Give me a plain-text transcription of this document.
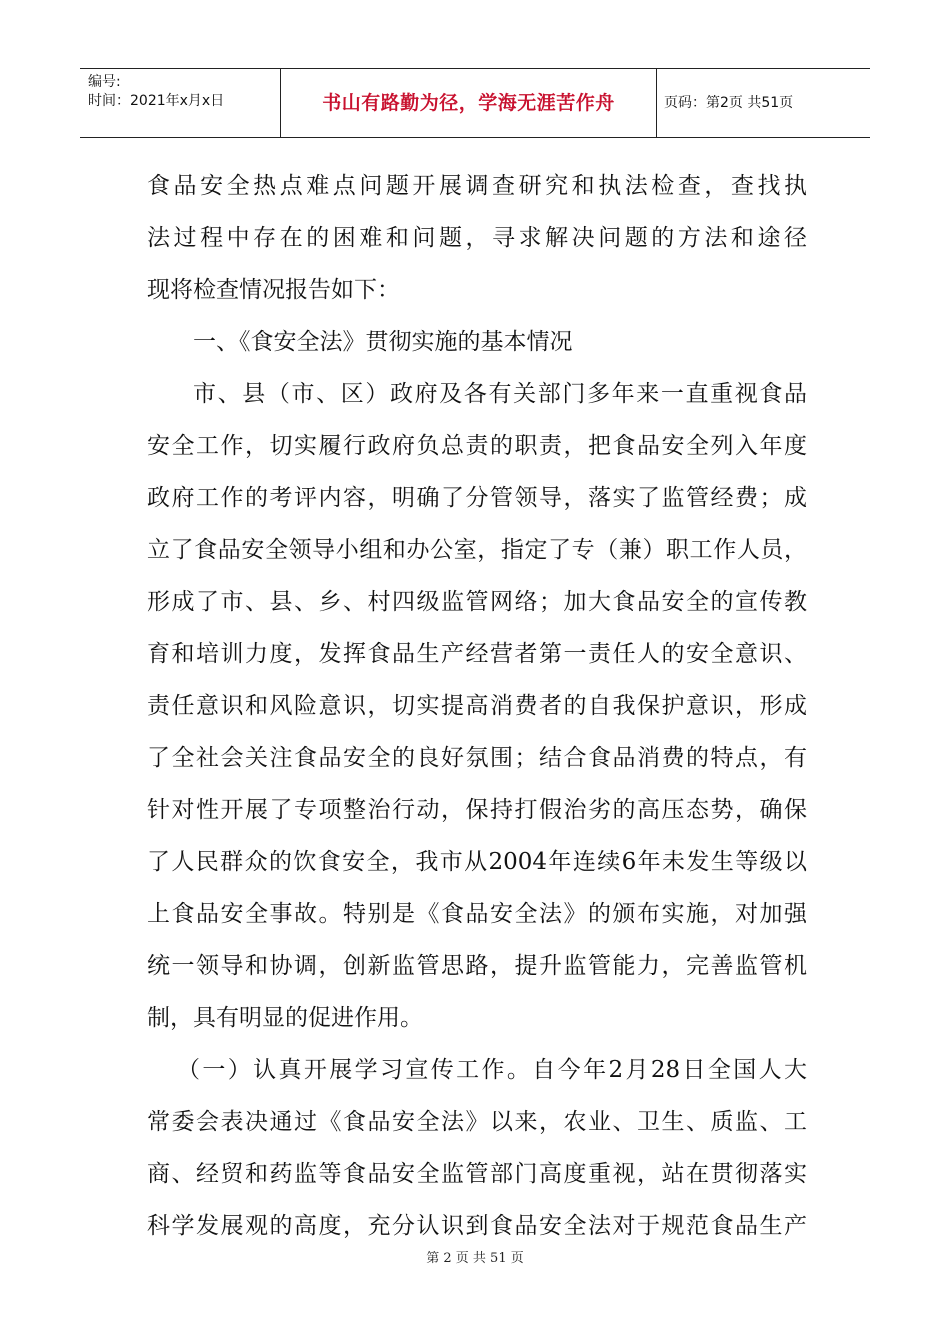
编号:
时间：2021年x月x日	书山有路勤为径，学海无涯苦作舟	页码：第2页 共51页
食品安全热点难点问题开展调查研究和执法检查，查找执
法过程中存在的困难和问题，寻求解决问题的方法和途径
现将检查情况报告如下：
一、《食安全法》贯彻实施的基本情况
市、县（市、区）政府及各有关部门多年来一直重视食品
安全工作，切实履行政府负总责的职责，把食品安全列入年度
政府工作的考评内容，明确了分管领导，落实了监管经费；成
立了食品安全领导小组和办公室，指定了专（兼）职工作人员，
形成了市、县、乡、村四级监管网络；加大食品安全的宣传教
育和培训力度，发挥食品生产经营者第一责任人的安全意识、
责任意识和风险意识，切实提高消费者的自我保护意识，形成
了全社会关注食品安全的良好氛围；结合食品消费的特点，有
针对性开展了专项整治行动，保持打假治劣的高压态势，确保
了人民群众的饮食安全，我市从2004年连续6年未发生等级以
上食品安全事故。特别是《食品安全法》的颁布实施，对加强
统一领导和协调，创新监管思路，提升监管能力，完善监管机
制，具有明显的促进作用。
（一）认真开展学习宣传工作。自今年2月28日全国人大
常委会表决通过《食品安全法》以来，农业、卫生、质监、工
商、经贸和药监等食品安全监管部门高度重视，站在贯彻落实
科学发展观的高度，充分认识到食品安全法对于规范食品生产
第 2 页 共 51 页
